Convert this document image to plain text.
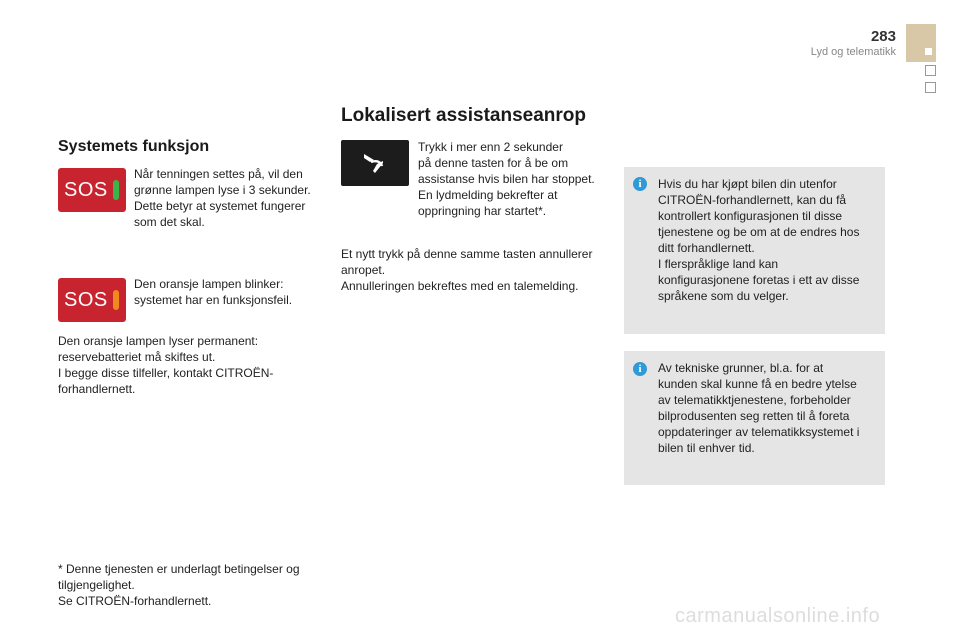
283
Lyd og telematikk
Systemets funksjon
SOS
Når tenningen settes på, vil den
grønne lampen lyse i 3 sekunder.
Dette betyr at systemet fungerer
som det skal.
SOS
Den oransje lampen blinker:
systemet har en funksjonsfeil.
Den oransje lampen lyser permanent:
reservebatteriet må skiftes ut.
I begge disse tilfeller, kontakt CITROËN-
forhandlernett.
* Denne tjenesten er underlagt betingelser og
tilgjengelighet.
Se CITROËN-forhandlernett.
Lokalisert assistanseanrop
Trykk i mer enn 2 sekunder
på denne tasten for å be om
assistanse hvis bilen har stoppet.
En lydmelding bekrefter at
oppringning har startet*.
Et nytt trykk på denne samme tasten annullerer
anropet.
Annulleringen bekreftes med en talemelding.
i	Hvis du har kjøpt bilen din utenfor
CITROËN-forhandlernett, kan du få
kontrollert konfigurasjonen til disse
tjenestene og be om at de endres hos
ditt forhandlernett.
I flerspråklige land kan
konfigurasjonene foretas i ett av disse
språkene som du velger.
i	Av tekniske grunner, bl.a. for at
kunden skal kunne få en bedre ytelse
av telematikktjenestene, forbeholder
bilprodusenten seg retten til å foreta
oppdateringer av telematikksystemet i
bilen til enhver tid.
carmanualsonline.info
